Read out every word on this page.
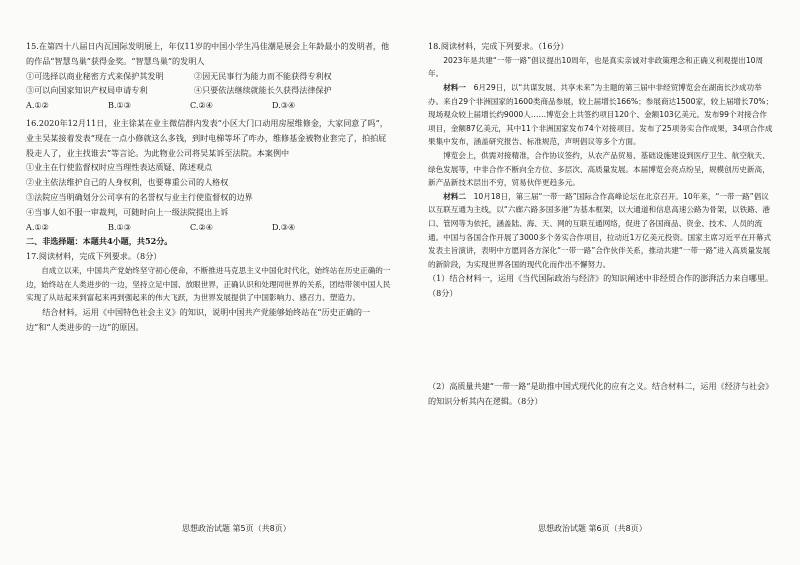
15.在第四十八届日内瓦国际发明展上，年仅11岁的中国小学生冯佳潮是展会上年龄最小的发明者，他的作品“智慧鸟巢”获得金奖。“智慧鸟巢”的发明人

①可选择以商业秘密方式来保护其发明	②因无民事行为能力而不能获得专利权
③可以向国家知识产权局申请专利	④只要依法继续就能长久获得法律保护
A.①②	B.①③	C.②④	D.③④

16.2020年12月11日，业主徐某在业主微信群内发表“小区大门口动用房屋维修金，大家同意了吗”，业主吴某接着发表“现在一点小修就这么多钱，到时电梯等坏了咋办，维修基金被物业套完了，拍拍屁股走人了，业主找谁去”等言论。为此物业公司将吴某诉至法院。本案例中

①业主在行使监督权时应当理性表达质疑、陈述观点

②业主依法维护自己的人身权利，也要尊重公司的人格权

③法院应当明确划分公司享有的名誉权与业主行使监督权的边界

④当事人如不服一审裁判，可随时向上一级法院提出上诉

A.①②	B.①③	C.②④	D.③④

二、非选择题：本题共4小题，共52分。

17.阅读材料，完成下列要求。（8分）

自成立以来，中国共产党始终坚守初心使命，不断推进马克思主义中国化时代化，始终站在历史正确的一边，始终站在人类进步的一边，坚持立足中国、放眼世界，正确认识和处理同世界的关系，团结带领中国人民实现了从站起来到富起来再到强起来的伟大飞跃，为世界发展提供了中国影响力、感召力、塑造力。

结合材料，运用《中国特色社会主义》的知识，说明中国共产党能够始终站在“历史正确的一边”和“人类进步的一边”的原因。

思想政治试题 第5页（共8页）

18.阅读材料，完成下列要求。（16分）

2023年是共建“一带一路”倡议提出10周年，也是真实亲诚对非政策理念和正确义利观提出10周年。

材料一　 6月29日，以“共谋发展、共享未来”为主题的第三届中非经贸博览会在湖南长沙成功举办。来自29个非洲国家的1600类商品参展，较上届增长166%；参展商达1500家，较上届增长70%；现场观众较上届增长约9000人……博览会上共签约项目120个、金额103亿美元。发布99个对接合作项目，金额87亿美元，其中11个非洲国家发布74个对接项目。发布了25项务实合作成果，34项合作成果集中发布，涵盖研究报告、标准规范，声明倡议等多个方面。

博览会上，供需对接精准，合作协议签约，从农产品贸易、基础设施建设到医疗卫生、航空航天、绿色发展等，中非合作不断向全方位、多层次、高质量发展。本届博览会亮点纷呈，规模创历史新高，新产品新技术层出不穷，贸易伙伴更趋多元。

材料二　 10月18日，第三届“一带一路”国际合作高峰论坛在北京召开。10年来，“一带一路”倡议以互联互通为主线，以“六廊六路多国多港”为基本框架，以大通道和信息高速公路为骨架，以铁路、港口、管网等为依托，涵盖陆、海、天、网的互联互通网络，促进了各国商品、资金、技术、人员的流通。中国与各国合作开展了3000多个务实合作项目，拉动近1万亿美元投资。国家主席习近平在开幕式发表主旨演讲，表明中方愿同各方深化“一带一路”合作伙伴关系，推动共建“一带一路”进入高质量发展的新阶段，为实现世界各国的现代化而作出不懈努力。

（1）结合材料一，运用《当代国际政治与经济》的知识阐述中非经贸合作的澎湃活力来自哪里。（8分）

（2）高质量共建“一带一路”是助推中国式现代化的应有之义。结合材料二，运用《经济与社会》的知识分析其内在逻辑。（8分）

思想政治试题 第6页（共8页）
